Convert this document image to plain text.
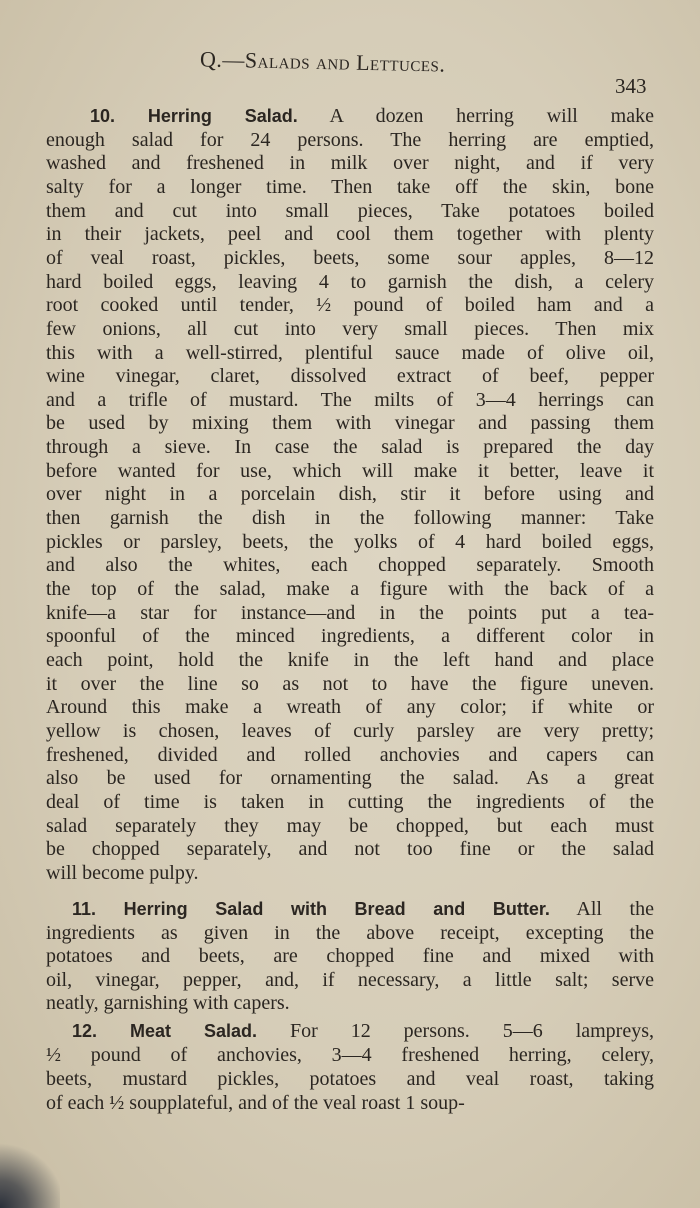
Q.—Salads and Lettuces.
343
10. Herring Salad. A dozen herring will make
enough salad for 24 persons. The herring are emptied,
washed and freshened in milk over night, and if very
salty for a longer time. Then take off the skin, bone
them and cut into small pieces, Take potatoes boiled
in their jackets, peel and cool them together with plenty
of veal roast, pickles, beets, some sour apples, 8—12
hard boiled eggs, leaving 4 to garnish the dish, a celery
root cooked until tender, ½ pound of boiled ham and a
few onions, all cut into very small pieces. Then mix
this with a well-stirred, plentiful sauce made of olive oil,
wine vinegar, claret, dissolved extract of beef, pepper
and a trifle of mustard. The milts of 3—4 herrings can
be used by mixing them with vinegar and passing them
through a sieve. In case the salad is prepared the day
before wanted for use, which will make it better, leave it
over night in a porcelain dish, stir it before using and
then garnish the dish in the following manner: Take
pickles or parsley, beets, the yolks of 4 hard boiled eggs,
and also the whites, each chopped separately. Smooth
the top of the salad, make a figure with the back of a
knife—a star for instance—and in the points put a tea-
spoonful of the minced ingredients, a different color in
each point, hold the knife in the left hand and place
it over the line so as not to have the figure uneven.
Around this make a wreath of any color; if white or
yellow is chosen, leaves of curly parsley are very pretty;
freshened, divided and rolled anchovies and capers can
also be used for ornamenting the salad. As a great
deal of time is taken in cutting the ingredients of the
salad separately they may be chopped, but each must
be chopped separately, and not too fine or the salad
will become pulpy.
11. Herring Salad with Bread and Butter. All the
ingredients as given in the above receipt, excepting the
potatoes and beets, are chopped fine and mixed with
oil, vinegar, pepper, and, if necessary, a little salt; serve
neatly, garnishing with capers.
12. Meat Salad. For 12 persons. 5—6 lampreys,
½ pound of anchovies, 3—4 freshened herring, celery,
beets, mustard pickles, potatoes and veal roast, taking
of each ½ soupplateful, and of the veal roast 1 soup-
